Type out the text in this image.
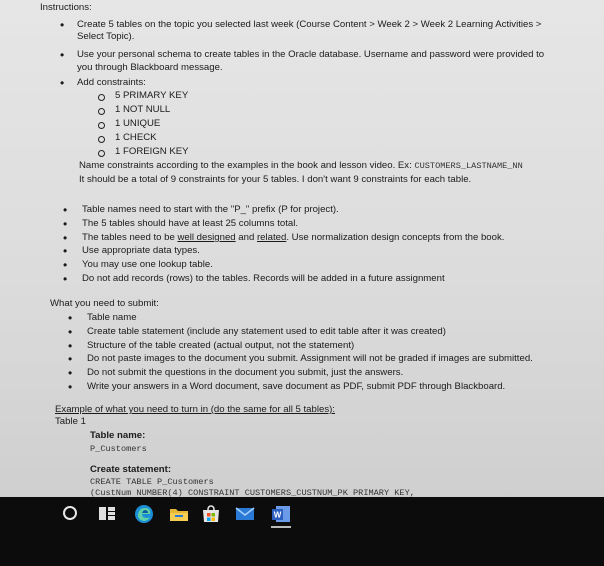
Instructions:
• Create 5 tables on the topic you selected last week (Course Content > Week 2 > Week 2 Learning Activities >
Select Topic).
• Use your personal schema to create tables in the Oracle database. Username and password were provided to
you through Blackboard message.
• Add constraints:
5 PRIMARY KEY
1 NOT NULL
1 UNIQUE
1 CHECK
1 FOREIGN KEY
Name constraints according to the examples in the book and lesson video. Ex: CUSTOMERS_LASTNAME_NN
It should be a total of 9 constraints for your 5 tables. I don't want 9 constraints for each table.
• Table names need to start with the "P_" prefix (P for project).
• The 5 tables should have at least 25 columns total.
• The tables need to be well designed and related. Use normalization design concepts from the book.
• Use appropriate data types.
• You may use one lookup table.
• Do not add records (rows) to the tables. Records will be added in a future assignment
What you need to submit:
• Table name
• Create table statement (include any statement used to edit table after it was created)
• Structure of the table created (actual output, not the statement)
• Do not paste images to the document you submit. Assignment will not be graded if images are submitted.
• Do not submit the questions in the document you submit, just the answers.
• Write your answers in a Word document, save document as PDF, submit PDF through Blackboard.
Example of what you need to turn in (do the same for all 5 tables):
Table 1
Table name:
P_Customers
Create statement:
CREATE TABLE P_Customers
(CustNum NUMBER(4) CONSTRAINT CUSTOMERS_CUSTNUM_PK PRIMARY KEY,
W
